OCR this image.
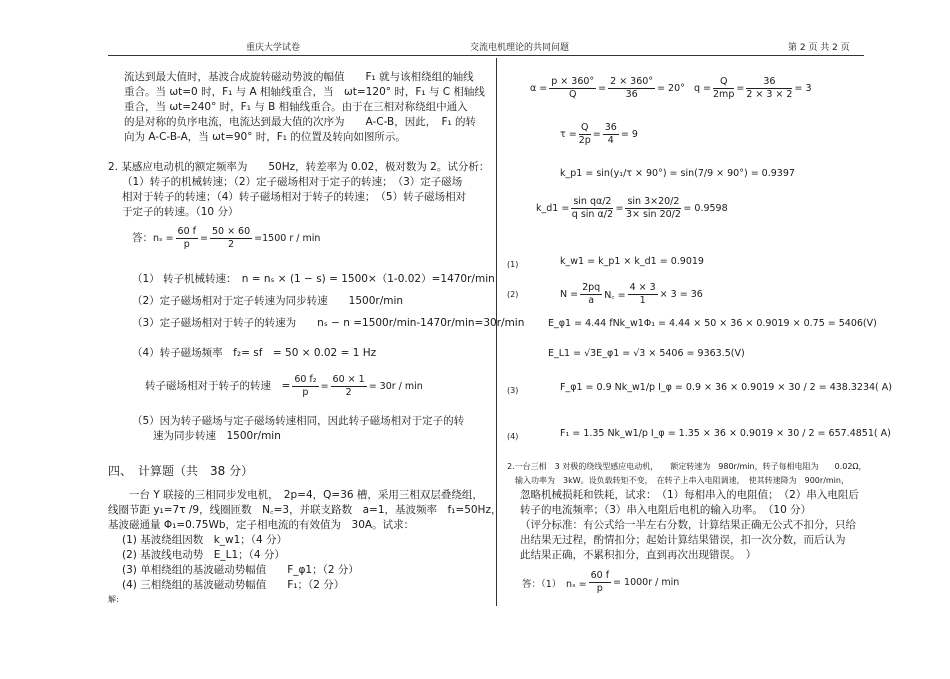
重庆大学试卷	交流电机理论的共同问题	第 2 页 共 2 页
流达到最大值时，基波合成旋转磁动势波的幅值　　F₁ 就与该相绕组的轴线
重合。当 ωt=0 时，F₁ 与 A 相轴线重合，当　ωt=120° 时，F₁ 与 C 相轴线
重合，当 ωt=240° 时，F₁ 与 B 相轴线重合。由于在三相对称绕组中通入
的是对称的负序电流，电流达到最大值的次序为　　A-C-B，因此，　F₁ 的转
向为 A-C-B-A，当 ωt=90° 时，F₁ 的位置及转向如图所示。
2. 某感应电动机的额定频率为　　50Hz，转差率为 0.02，极对数为 2。试分析：
（1）转子的机械转速；（2）定子磁场相对于定子的转速；　（3）定子磁场
相对于转子的转速；（4）转子磁场相对于转子的转速；　（5）转子磁场相对
于定子的转速。（10 分）
答： $n_s = \frac{60 f}{p} = \frac{50 \times 60}{2} =1500$ r / min
（1） 转子机械转速：　n = nₛ × (1 − s) = 1500×（1-0.02）=1470r/min
（2）定子磁场相对于定子转速为同步转速　　1500r/min
（3）定子磁场相对于转子的转速为　　nₛ − n =1500r/min-1470r/min=30r/min
（4）转子磁场频率　f₂= sf　= 50 × 0.02 = 1 Hz
转子磁场相对于转子的转速　= $\frac{\text{60 f₂}}{p} = \frac{60 \times 1}{2} = 30r / \min$
（5）因为转子磁场与定子磁场转速相同，因此转子磁场相对于定子的转
　　速为同步转速　1500r/min
四、　计算题（共　38 分）
　　一台 Y 联接的三相同步发电机，　2p=4，Q=36 槽，采用三相双层叠绕组，
线圈节距 y₁=7τ /9，线圈匝数　N꜀=3，并联支路数　a=1，基波频率　f₁=50Hz，
基波磁通量 Φ₁=0.75Wb，定子相电流的有效值为　30A。试求：
(1) 基波绕组因数　k_w1；（4 分）
(2) 基波线电动势　E_L1；（4 分）
(3) 单相绕组的基波磁动势幅值　　F_φ1；（2 分）
(4) 三相绕组的基波磁动势幅值　　F₁；（2 分）
解:
$\alpha = \frac{p \times 360^\circ}{Q} = \frac{2 \times 360^\circ}{36} = 20^\circ$ $q = \frac{Q}{2mp} = \frac{36}{2 \times 3 \times 2} = 3$
$\tau = \frac{Q}{2p} = \frac{36}{4} = 9$
k_p1 = sin(y₁/τ × 90°) = sin(7/9 × 90°) = 0.9397
k_d1 = $\frac{\text{sin qα/2}}{\text{q sin α/2}} = \frac{\sin 3\times 20/2}{3\times \sin 20/2} = 0.9598$
(1)	k_w1 = k_p1 × k_d1 = 0.9019
(2)	$N = \frac{2pq}{a}$ N꜀ = $\frac{4 \times 3}{1} \times 3 = 36$
E_φ1 = 4.44 fNk_w1Φ₁ = 4.44 × 50 × 36 × 0.9019 × 0.75 = 5406(V)
E_L1 = √3E_φ1 = √3 × 5406 = 9363.5(V)
(3)	F_φ1 = 0.9 Nk_w1/p I_φ = 0.9 × 36 × 0.9019 × 30 / 2 = 438.3234( A)
(4)	F₁ = 1.35 Nk_w1/p I_φ = 1.35 × 36 × 0.9019 × 30 / 2 = 657.4851( A)
2.一台三相　3 对极的绕线型感应电动机，　　额定转速为　980r/min，转子每相电阻为　　0.02Ω，
　输入功率为　3kW。设负载转矩不变，　在转子上串入电阻调速，　使其转速降为　900r/min，
忽略机械损耗和铁耗，试求：　（1）每相串入的电阻值；　（2）串入电阻后
转子的电流频率；（3）串入电阻后电机的输入功率。　（10 分）
（评分标准：有公式给一半左右分数，计算结果正确无公式不扣分，只给
出结果无过程，酌情扣分；起始计算结果错误，扣一次分数，而后认为
此结果正确，不累积扣分，直到再次出现错误。　）
答：（1）　$n_s = \frac{60 f}{p} = 1000r / \min$
